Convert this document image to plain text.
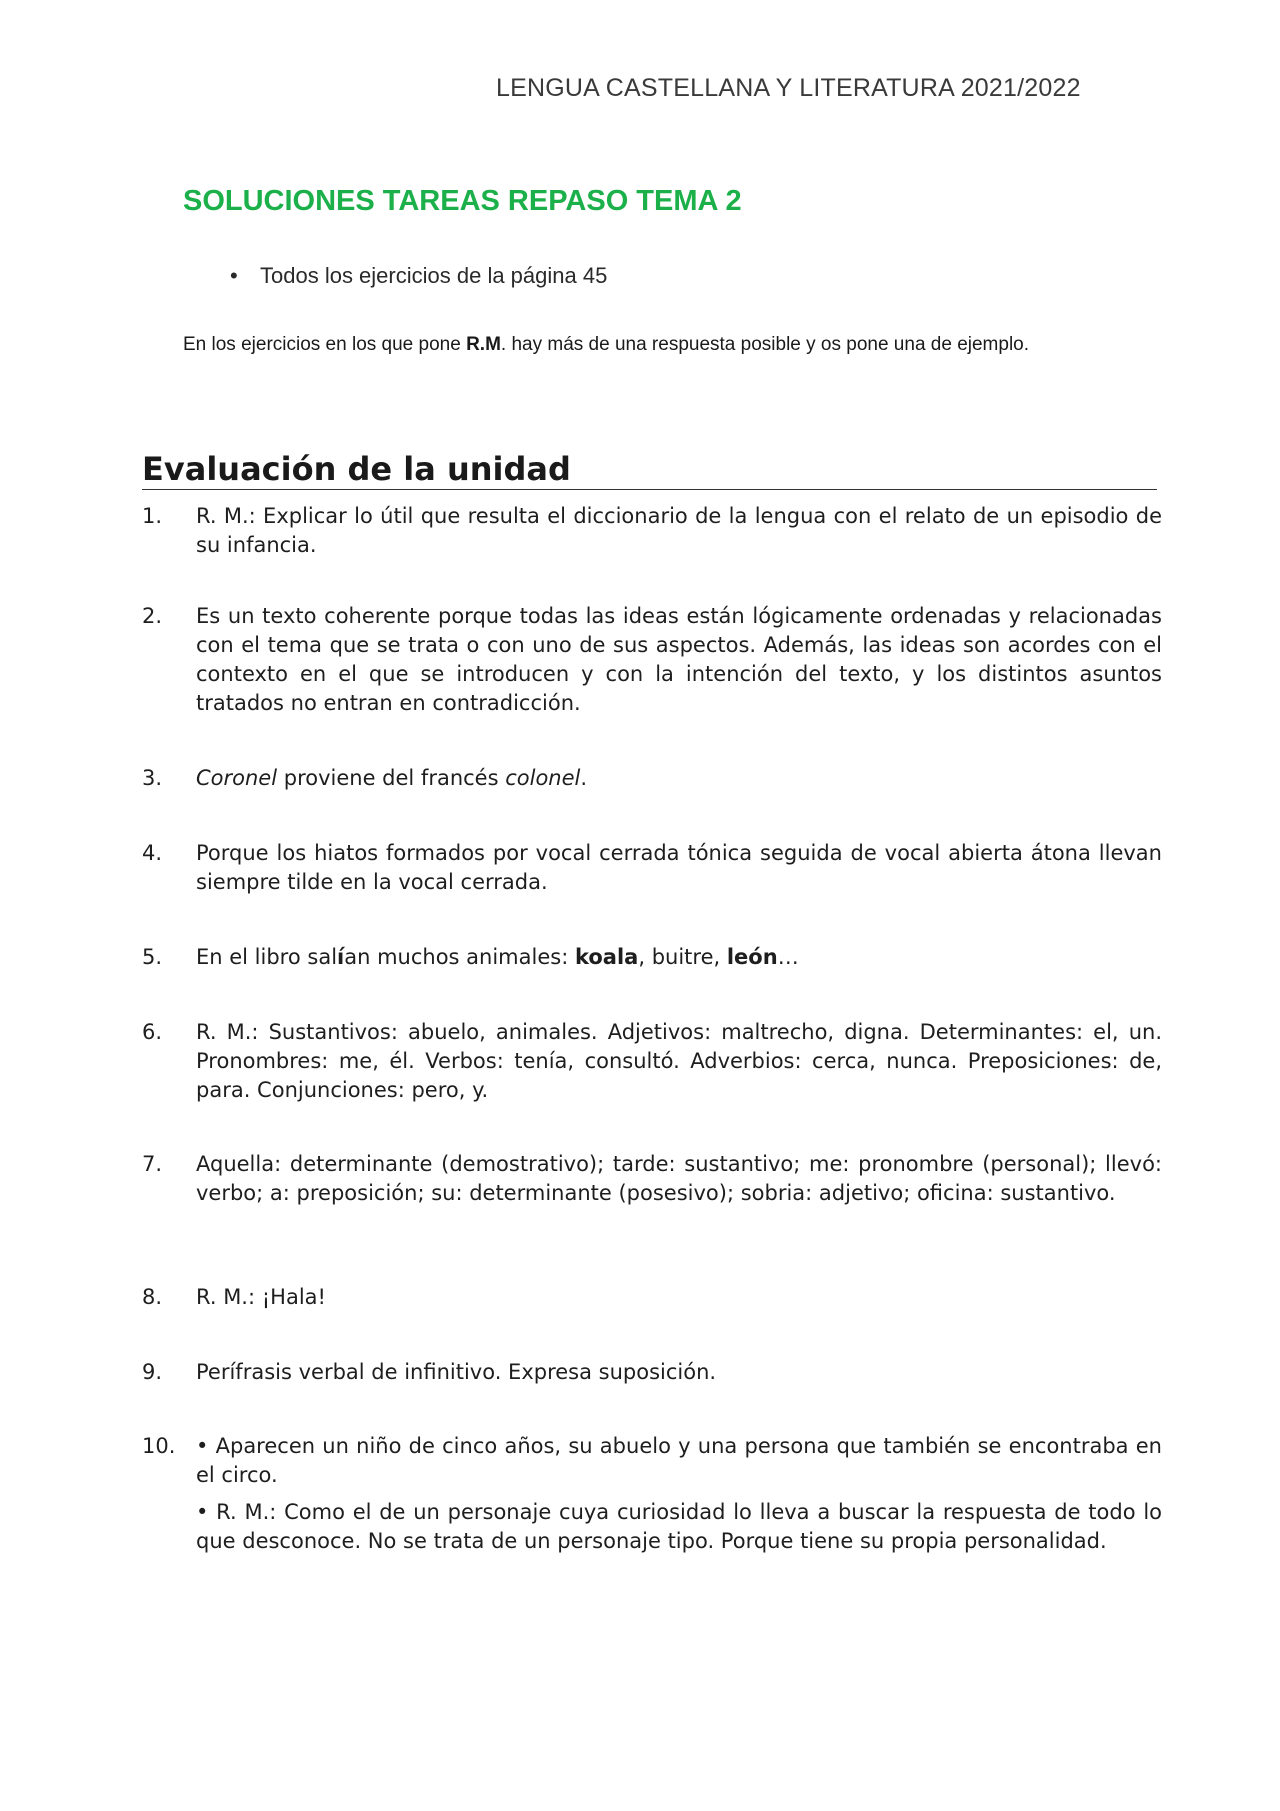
LENGUA CASTELLANA Y LITERATURA 2021/2022
SOLUCIONES TAREAS REPASO TEMA 2
• Todos los ejercicios de la página 45
En los ejercicios en los que pone R.M. hay más de una respuesta posible y os pone una de ejemplo.
Evaluación de la unidad
1.	R. M.: Explicar lo útil que resulta el diccionario de la lengua con el relato de un episodio de su infancia.
2.	Es un texto coherente porque todas las ideas están lógicamente ordenadas y relacionadas con el tema que se trata o con uno de sus aspectos. Además, las ideas son acordes con el contexto en el que se introducen y con la intención del texto, y los distintos asuntos tratados no entran en contradicción.
3.	Coronel proviene del francés colonel.
4.	Porque los hiatos formados por vocal cerrada tónica seguida de vocal abierta átona llevan siempre tilde en la vocal cerrada.
5.	En el libro salían muchos animales: koala, buitre, león…
6.	R. M.: Sustantivos: abuelo, animales. Adjetivos: maltrecho, digna. Determinantes: el, un. Pronombres: me, él. Verbos: tenía, consultó. Adverbios: cerca, nunca. Preposiciones: de, para. Conjunciones: pero, y.
7.	Aquella: determinante (demostrativo); tarde: sustantivo; me: pronombre (personal); llevó: verbo; a: preposición; su: determinante (posesivo); sobria: adjetivo; oficina: sustantivo.
8.	R. M.: ¡Hala!
9.	Perífrasis verbal de infinitivo. Expresa suposición.
10. • Aparecen un niño de cinco años, su abuelo y una persona que también se encontraba en el circo.

• R. M.: Como el de un personaje cuya curiosidad lo lleva a buscar la respuesta de todo lo que desconoce. No se trata de un personaje tipo. Porque tiene su propia personalidad.
